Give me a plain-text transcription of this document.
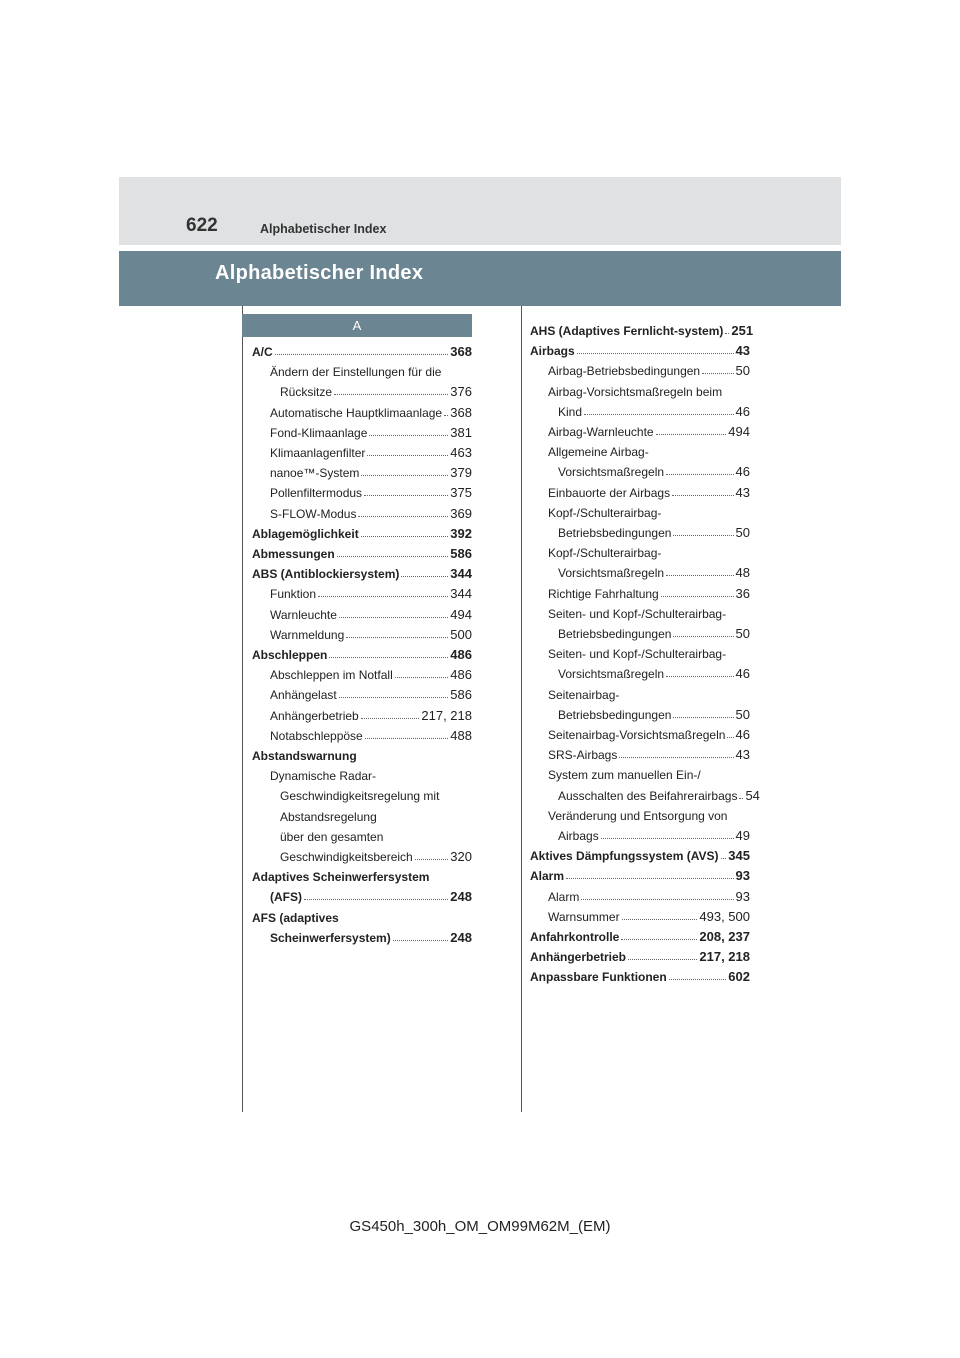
622	Alphabetischer Index
Alphabetischer Index
A
A/C	368
Ändern der Einstellungen für die
Rücksitze	376
Automatische Hauptklimaanlage 368
Fond-Klimaanlage	381
Klimaanlagenfilter	463
nanoe™-System	379
Pollenfiltermodus	375
S-FLOW-Modus	369
Ablagemöglichkeit	392
Abmessungen	586
ABS (Antiblockiersystem)	344
Funktion	344
Warnleuchte	494
Warnmeldung	500
Abschleppen	486
Abschleppen im Notfall	486
Anhängelast	586
Anhängerbetrieb	217, 218
Notabschleppöse	488
Abstandswarnung
Dynamische Radar-
Geschwindigkeitsregelung mit
Abstandsregelung
über den gesamten
Geschwindigkeitsbereich	320
Adaptives Scheinwerfersystem
(AFS)	248
AFS (adaptives
Scheinwerfersystem)	248
AHS (Adaptives Fernlicht-system) 251
Airbags	43
Airbag-Betriebsbedingungen	50
Airbag-Vorsichtsmaßregeln beim
Kind	46
Airbag-Warnleuchte	494
Allgemeine Airbag-
Vorsichtsmaßregeln	46
Einbauorte der Airbags	43
Kopf-/Schulterairbag-
Betriebsbedingungen	50
Kopf-/Schulterairbag-
Vorsichtsmaßregeln	48
Richtige Fahrhaltung	36
Seiten- und Kopf-/Schulterairbag-
Betriebsbedingungen	50
Seiten- und Kopf-/Schulterairbag-
Vorsichtsmaßregeln	46
Seitenairbag-
Betriebsbedingungen	50
Seitenairbag-Vorsichtsmaßregeln 46
SRS-Airbags	43
System zum manuellen Ein-/
Ausschalten des Beifahrerairbags 54
Veränderung und Entsorgung von
Airbags	49
Aktives Dämpfungssystem (AVS) 345
Alarm	93
Alarm	93
Warnsummer	493, 500
Anfahrkontrolle	208, 237
Anhängerbetrieb	217, 218
Anpassbare Funktionen	602
GS450h_300h_OM_OM99M62M_(EM)
